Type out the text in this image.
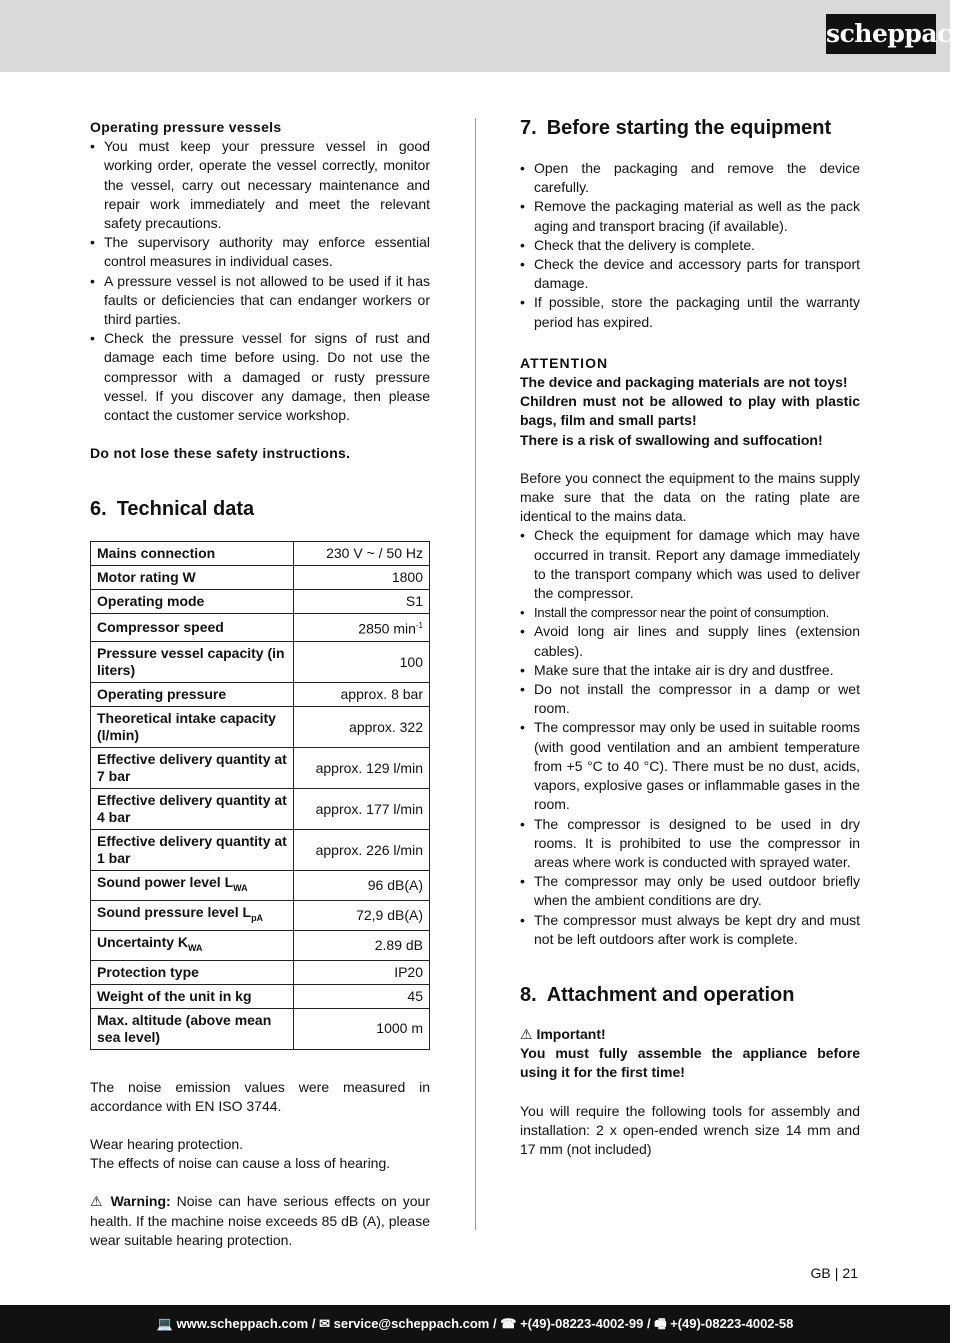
scheppach
Operating pressure vessels
• You must keep your pressure vessel in good working order, operate the vessel correctly, monitor the vessel, carry out necessary maintenance and repair work immediately and meet the relevant safety precautions.
• The supervisory authority may enforce essential control measures in individual cases.
• A pressure vessel is not allowed to be used if it has faults or deficiencies that can endanger workers or third parties.
• Check the pressure vessel for signs of rust and damage each time before using. Do not use the compressor with a damaged or rusty pressure vessel. If you discover any damage, then please contact the customer service workshop.
Do not lose these safety instructions.
6. Technical data
Mains connection	230 V ~ / 50 Hz
Motor rating W	1800
Operating mode	S1
Compressor speed	2850 $\min^{-1}$
Pressure vessel capacity (in liters)	100
Operating pressure	approx. 8 bar
Theoretical intake capacity (l/min)	approx. 322
Effective delivery quantity at 7 bar	approx. 129 l/min
Effective delivery quantity at 4 bar	approx. 177 l/min
Effective delivery quantity at 1 bar	approx. 226 l/min
Sound power level $L_{WA}$	96 dB(A)
Sound pressure level $L_{pA}$	72,9 dB(A)
Uncertainty $K_{WA}$	2.89 dB
Protection type	IP20
Weight of the unit in kg	45
Max. altitude (above mean sea level)	1000 m

The noise emission values were measured in accordance with EN ISO 3744.

Wear hearing protection.

The effects of noise can cause a loss of hearing.

⚠ Warning: Noise can have serious effects on your health. If the machine noise exceeds 85 dB (A), please wear suitable hearing protection.

7. Before starting the equipment
• Open the packaging and remove the device carefully.
• Remove the packaging material as well as the pack aging and transport bracing (if available).
• Check that the delivery is complete.
• Check the device and accessory parts for transport damage.
• If possible, store the packaging until the warranty period has expired.
ATTENTION
The device and packaging materials are not toys!
Children must not be allowed to play with plastic bags, film and small parts!
There is a risk of swallowing and suffocation!

Before you connect the equipment to the mains supply make sure that the data on the rating plate are identical to the mains data.

• Check the equipment for damage which may have occurred in transit. Report any damage immediately to the transport company which was used to deliver the compressor.
• Install the compressor near the point of consumption.
• Avoid long air lines and supply lines (extension cables).
• Make sure that the intake air is dry and dustfree.
• Do not install the compressor in a damp or wet room.
• The compressor may only be used in suitable rooms (with good ventilation and an ambient temperature from +5 °C to 40 °C). There must be no dust, acids, vapors, explosive gases or inflammable gases in the room.
• The compressor is designed to be used in dry rooms. It is prohibited to use the compressor in areas where work is conducted with sprayed water.
• The compressor may only be used outdoor briefly when the ambient conditions are dry.
• The compressor must always be kept dry and must not be left outdoors after work is complete.
8. Attachment and operation
⚠ Important!
You must fully assemble the appliance before using it for the first time!

You will require the following tools for assembly and installation: 2 x open-ended wrench size 14 mm and 17 mm (not included)

GB | 21
💻 www.scheppach.com / ✉ service@scheppach.com / ☎ +(49)-08223-4002-99 / 🖷 +(49)-08223-4002-58
